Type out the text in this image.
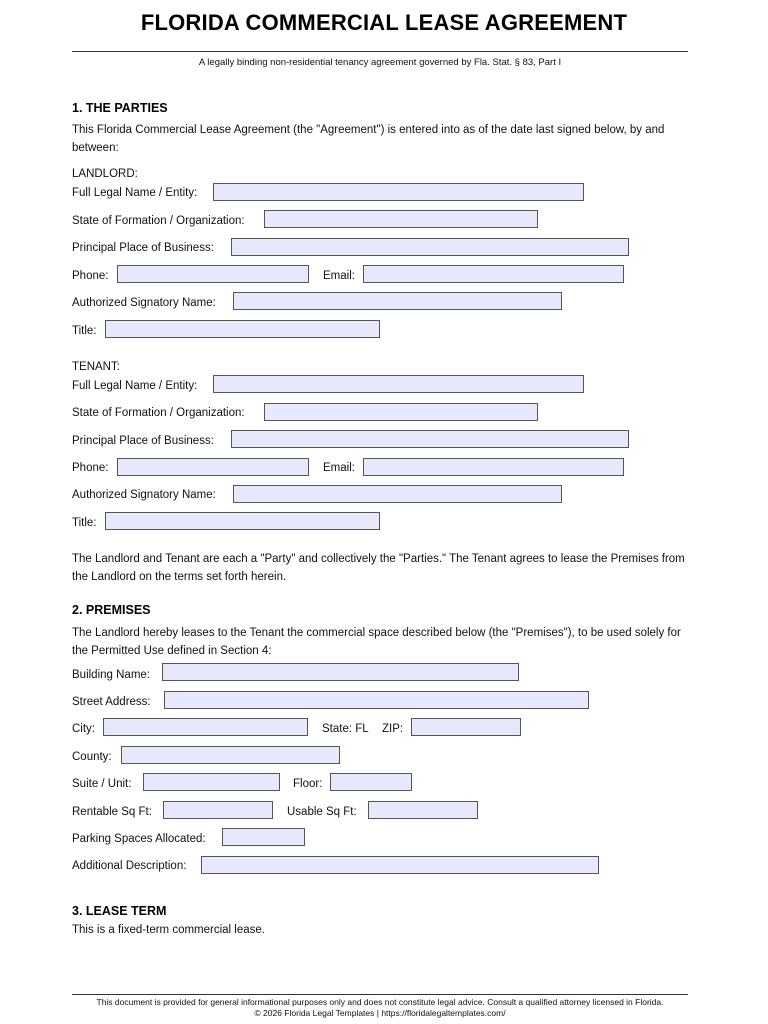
FLORIDA COMMERCIAL LEASE AGREEMENT
A legally binding non-residential tenancy agreement governed by Fla. Stat. § 83, Part I
1. THE PARTIES
This Florida Commercial Lease Agreement (the "Agreement") is entered into as of the date last signed below, by and between:
LANDLORD:
Full Legal Name / Entity:
State of Formation / Organization:
Principal Place of Business:
Phone:	Email:
Authorized Signatory Name:
Title:
TENANT:
Full Legal Name / Entity:
State of Formation / Organization:
Principal Place of Business:
Phone:	Email:
Authorized Signatory Name:
Title:
The Landlord and Tenant are each a "Party" and collectively the "Parties." The Tenant agrees to lease the Premises from the Landlord on the terms set forth herein.
2. PREMISES
The Landlord hereby leases to the Tenant the commercial space described below (the "Premises"), to be used solely for the Permitted Use defined in Section 4:
Building Name:
Street Address:
City:	State: FL ZIP:
County:
Suite / Unit:	Floor:
Rentable Sq Ft:	Usable Sq Ft:
Parking Spaces Allocated:
Additional Description:
3. LEASE TERM
This is a fixed-term commercial lease.
This document is provided for general informational purposes only and does not constitute legal advice. Consult a qualified attorney licensed in Florida.
© 2026 Florida Legal Templates | https://floridalegaltemplates.com/
